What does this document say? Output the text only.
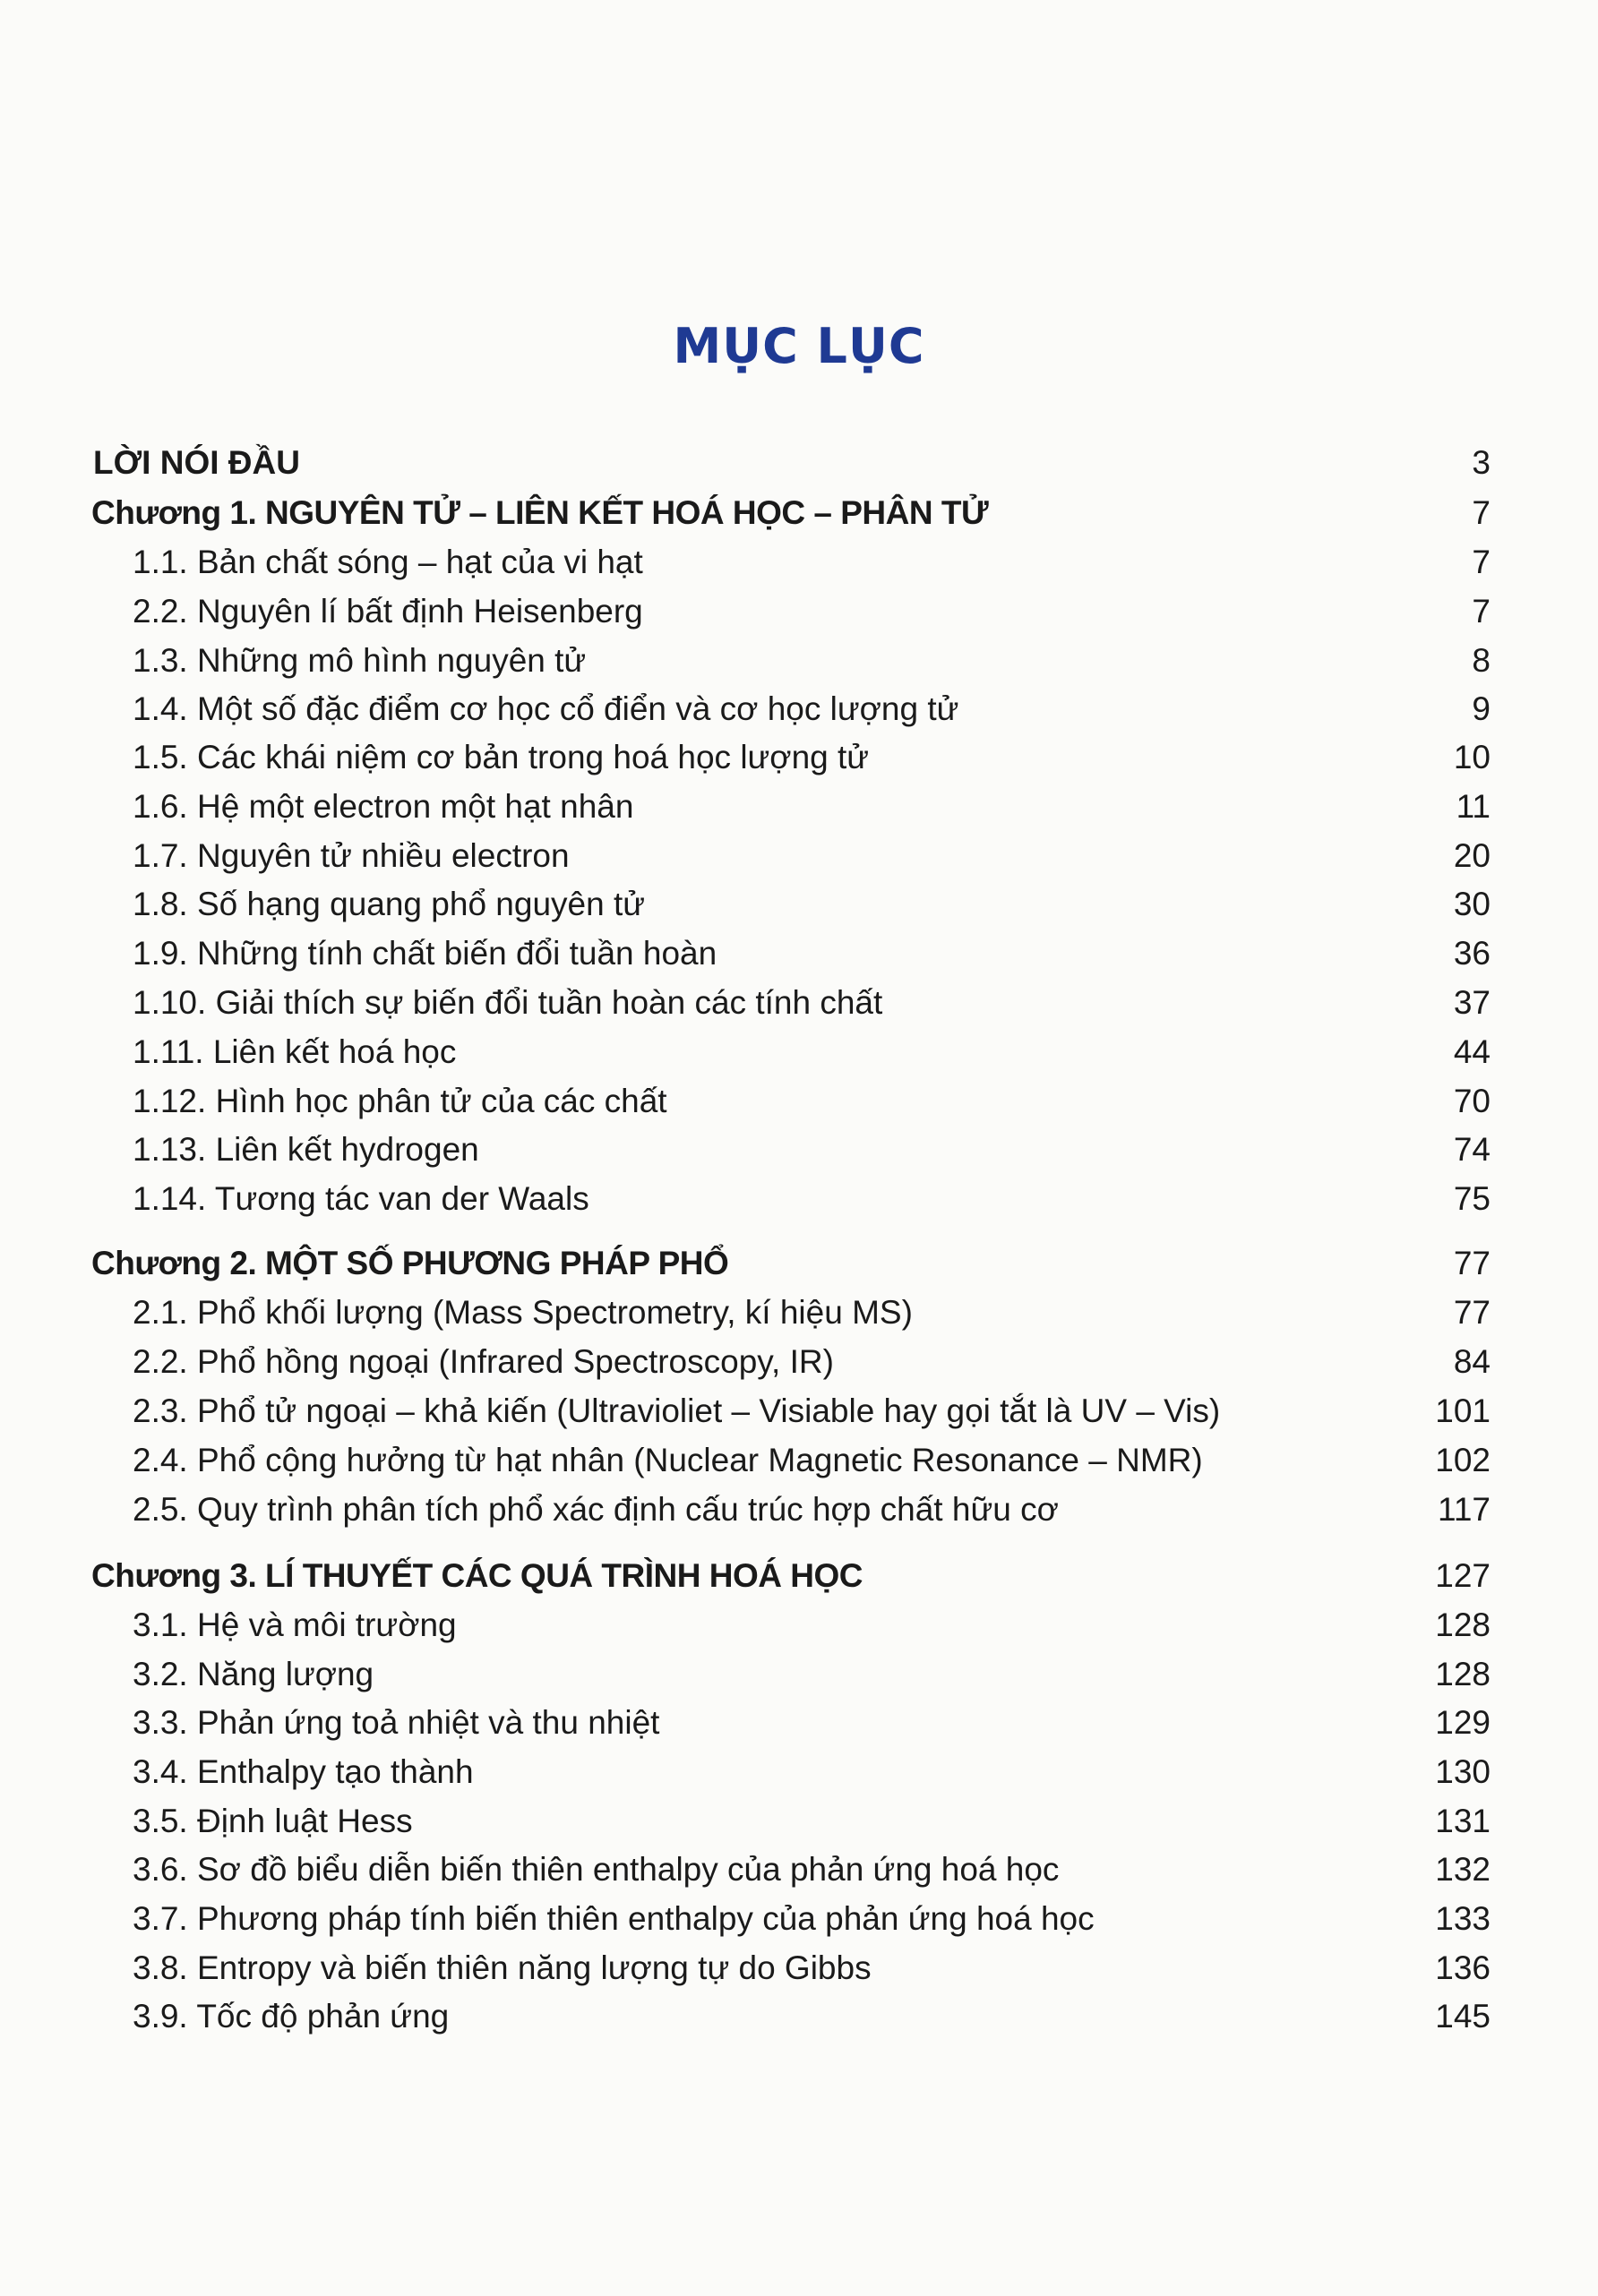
MỤC LỤC
LỜI NÓI ĐẦU	3
Chương 1. NGUYÊN TỬ – LIÊN KẾT HOÁ HỌC – PHÂN TỬ	7
1.1. Bản chất sóng – hạt của vi hạt	7
2.2. Nguyên lí bất định Heisenberg	7
1.3. Những mô hình nguyên tử	8
1.4. Một số đặc điểm cơ học cổ điển và cơ học lượng tử	9
1.5. Các khái niệm cơ bản trong hoá học lượng tử	10
1.6. Hệ một electron một hạt nhân	11
1.7. Nguyên tử nhiều electron	20
1.8. Số hạng quang phổ nguyên tử	30
1.9. Những tính chất biến đổi tuần hoàn	36
1.10. Giải thích sự biến đổi tuần hoàn các tính chất	37
1.11. Liên kết hoá học	44
1.12. Hình học phân tử của các chất	70
1.13. Liên kết hydrogen	74
1.14. Tương tác van der Waals	75
Chương 2. MỘT SỐ PHƯƠNG PHÁP PHỔ	77
2.1. Phổ khối lượng (Mass Spectrometry, kí hiệu MS)	77
2.2. Phổ hồng ngoại (Infrared Spectroscopy, IR)	84
2.3. Phổ tử ngoại – khả kiến (Ultravioliet – Visiable hay gọi tắt là UV – Vis)	101
2.4. Phổ cộng hưởng từ hạt nhân (Nuclear Magnetic Resonance – NMR)	102
2.5. Quy trình phân tích phổ xác định cấu trúc hợp chất hữu cơ	117
Chương 3. LÍ THUYẾT CÁC QUÁ TRÌNH HOÁ HỌC	127
3.1. Hệ và môi trường	128
3.2. Năng lượng	128
3.3. Phản ứng toả nhiệt và thu nhiệt	129
3.4. Enthalpy tạo thành	130
3.5. Định luật Hess	131
3.6. Sơ đồ biểu diễn biến thiên enthalpy của phản ứng hoá học	132
3.7. Phương pháp tính biến thiên enthalpy của phản ứng hoá học	133
3.8. Entropy và biến thiên năng lượng tự do Gibbs	136
3.9. Tốc độ phản ứng	145
